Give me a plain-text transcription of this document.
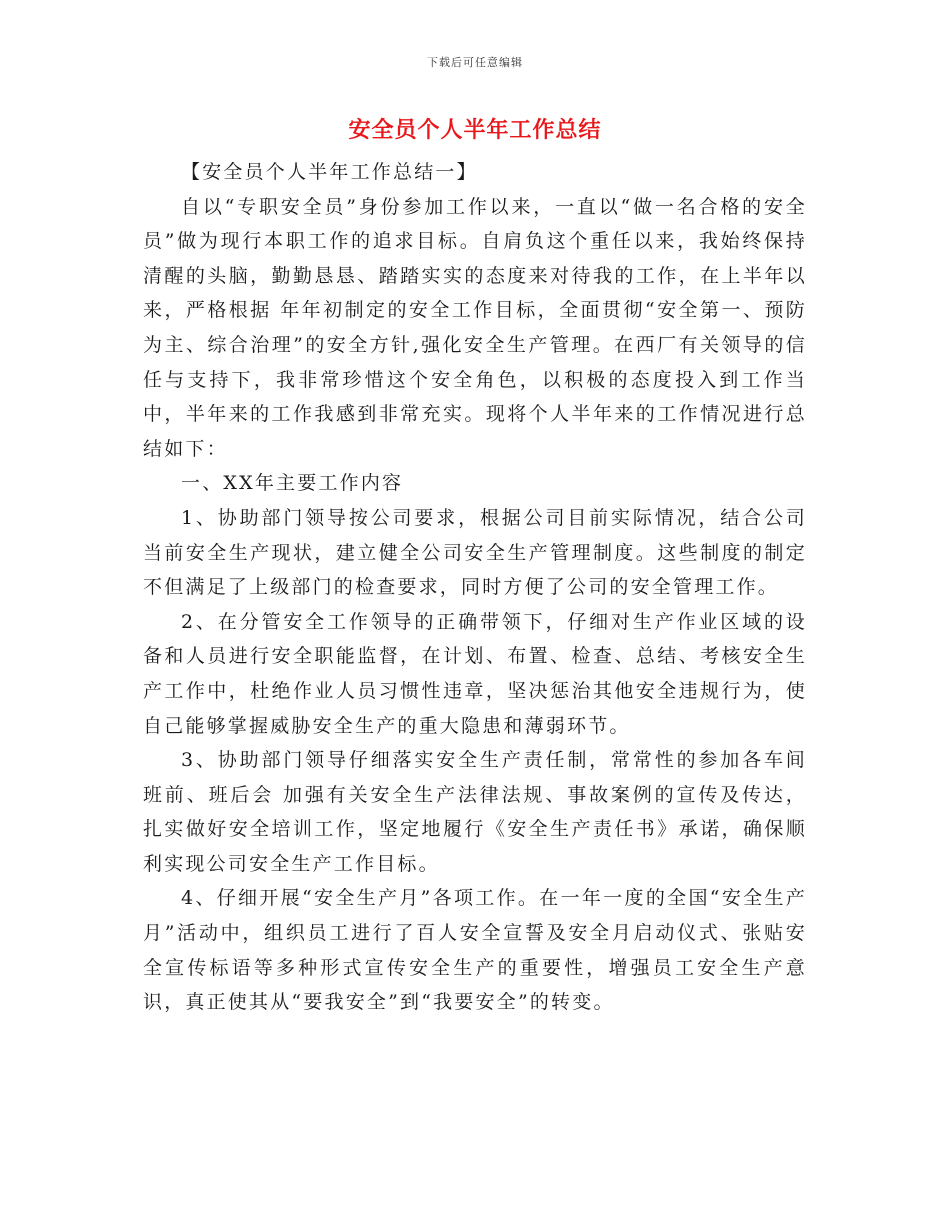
下载后可任意编辑
安全员个人半年工作总结

【安全员个人半年工作总结一】

自以“专职安全员”身份参加工作以来，一直以“做一名合格的安全员”做为现行本职工作的追求目标。自肩负这个重任以来，我始终保持清醒的头脑，勤勤恳恳、踏踏实实的态度来对待我的工作，在上半年以来，严格根据 年年初制定的安全工作目标，全面贯彻“安全第一、预防为主、综合治理”的安全方针,强化安全生产管理。在西厂有关领导的信任与支持下，我非常珍惜这个安全角色，以积极的态度投入到工作当中，半年来的工作我感到非常充实。现将个人半年来的工作情况进行总结如下：

一、XX年主要工作内容

1、协助部门领导按公司要求，根据公司目前实际情况，结合公司当前安全生产现状，建立健全公司安全生产管理制度。这些制度的制定不但满足了上级部门的检查要求，同时方便了公司的安全管理工作。

2、在分管安全工作领导的正确带领下，仔细对生产作业区域的设备和人员进行安全职能监督，在计划、布置、检查、总结、考核安全生产工作中，杜绝作业人员习惯性违章，坚决惩治其他安全违规行为，使自己能够掌握威胁安全生产的重大隐患和薄弱环节。

3、协助部门领导仔细落实安全生产责任制，常常性的参加各车间班前、班后会 加强有关安全生产法律法规、事故案例的宣传及传达，扎实做好安全培训工作，坚定地履行《安全生产责任书》承诺，确保顺利实现公司安全生产工作目标。

4、仔细开展“安全生产月”各项工作。在一年一度的全国“安全生产月”活动中，组织员工进行了百人安全宣誓及安全月启动仪式、张贴安全宣传标语等多种形式宣传安全生产的重要性，增强员工安全生产意识，真正使其从“要我安全”到“我要安全”的转变。
